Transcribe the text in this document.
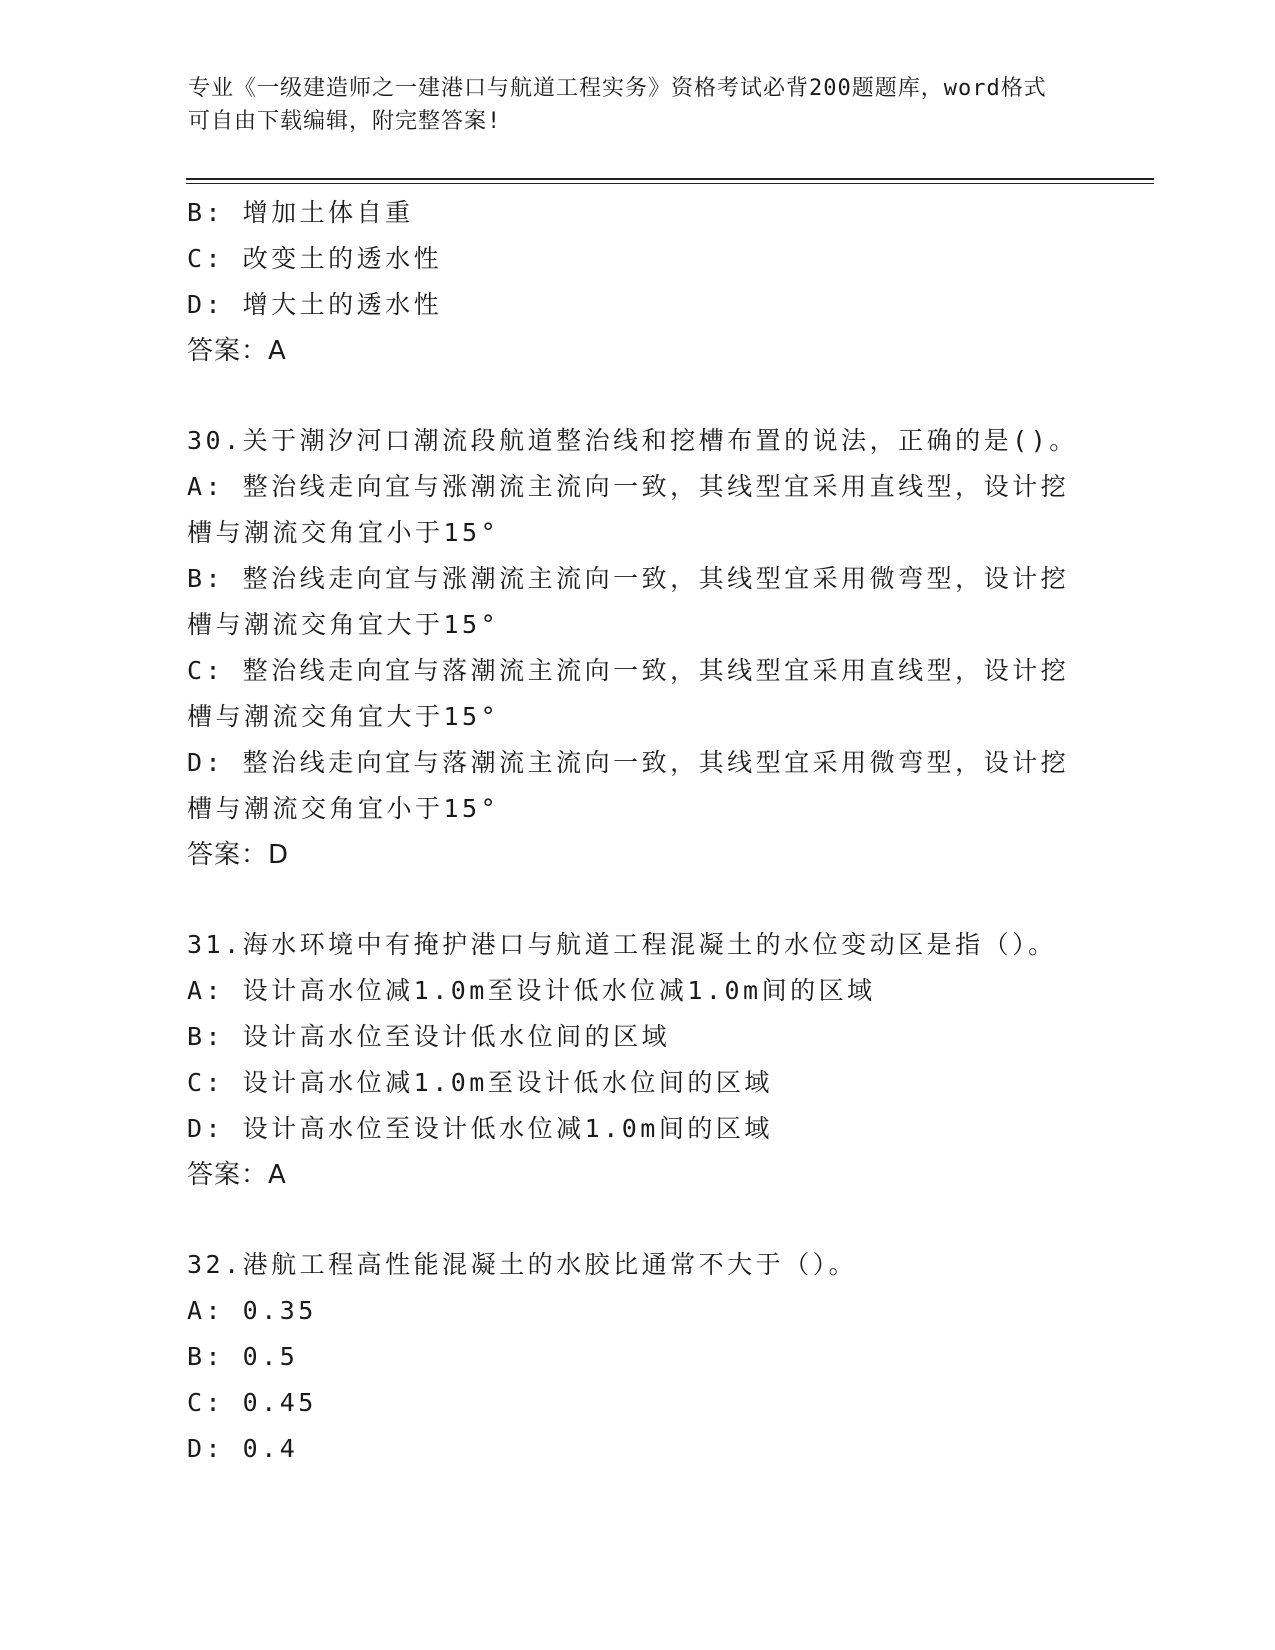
专业《一级建造师之一建港口与航道工程实务》资格考试必背200题题库，word格式可自由下载编辑，附完整答案!
B: 增加土体自重
C: 改变土的透水性
D: 增大土的透水性
答案：A
30.关于潮汐河口潮流段航道整治线和挖槽布置的说法，正确的是()。
A: 整治线走向宜与涨潮流主流向一致，其线型宜采用直线型，设计挖
槽与潮流交角宜小于15°
B: 整治线走向宜与涨潮流主流向一致，其线型宜采用微弯型，设计挖
槽与潮流交角宜大于15°
C: 整治线走向宜与落潮流主流向一致，其线型宜采用直线型，设计挖
槽与潮流交角宜大于15°
D: 整治线走向宜与落潮流主流向一致，其线型宜采用微弯型，设计挖
槽与潮流交角宜小于15°
答案：D
31.海水环境中有掩护港口与航道工程混凝土的水位变动区是指（）。
A: 设计高水位减1.0m至设计低水位减1.0m间的区域
B: 设计高水位至设计低水位间的区域
C: 设计高水位减1.0m至设计低水位间的区域
D: 设计高水位至设计低水位减1.0m间的区域
答案：A
32.港航工程高性能混凝土的水胶比通常不大于（）。
A: 0.35
B: 0.5
C: 0.45
D: 0.4
